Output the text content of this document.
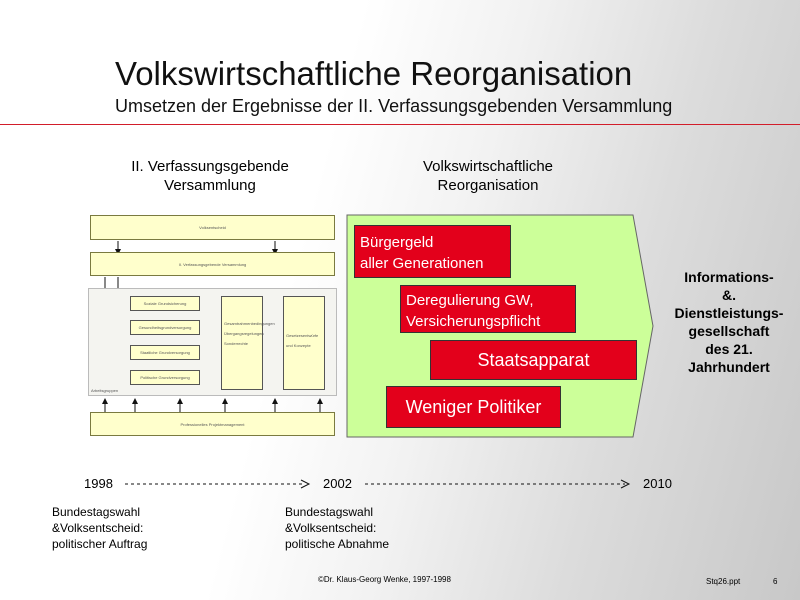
Volkswirtschaftliche Reorganisation
Umsetzen der Ergebnisse der II. Verfassungsgebenden Versammlung
II. Verfassungsgebende
Versammlung
Volkswirtschaftliche
Reorganisation
Volksentscheid
II. Verfassungsgebende Versammlung
Arbeitsgruppen
Soziale Grundsicherung
Gesundheitsgrundversorgung
Staatliche Grundversorgung
Politische Grundversorgung
Gesamtrahmenbedingungen
Übergangsregelungen
Sonderrechte
Gesetzesentwürfe und Konzepte
Professionelles Projektmanagement
Bürgergeld
aller Generationen
Deregulierung GW,
Versicherungspflicht
Staatsapparat
Weniger Politiker
Informations-
&.
Dienstleistungs-
gesellschaft
des 21.
Jahrhundert
1998	2002	2010
Bundestagswahl
&Volksentscheid:
politischer Auftrag
Bundestagswahl
&Volksentscheid:
politische Abnahme
©Dr. Klaus-Georg Wenke, 1997-1998	Stq26.ppt	6
